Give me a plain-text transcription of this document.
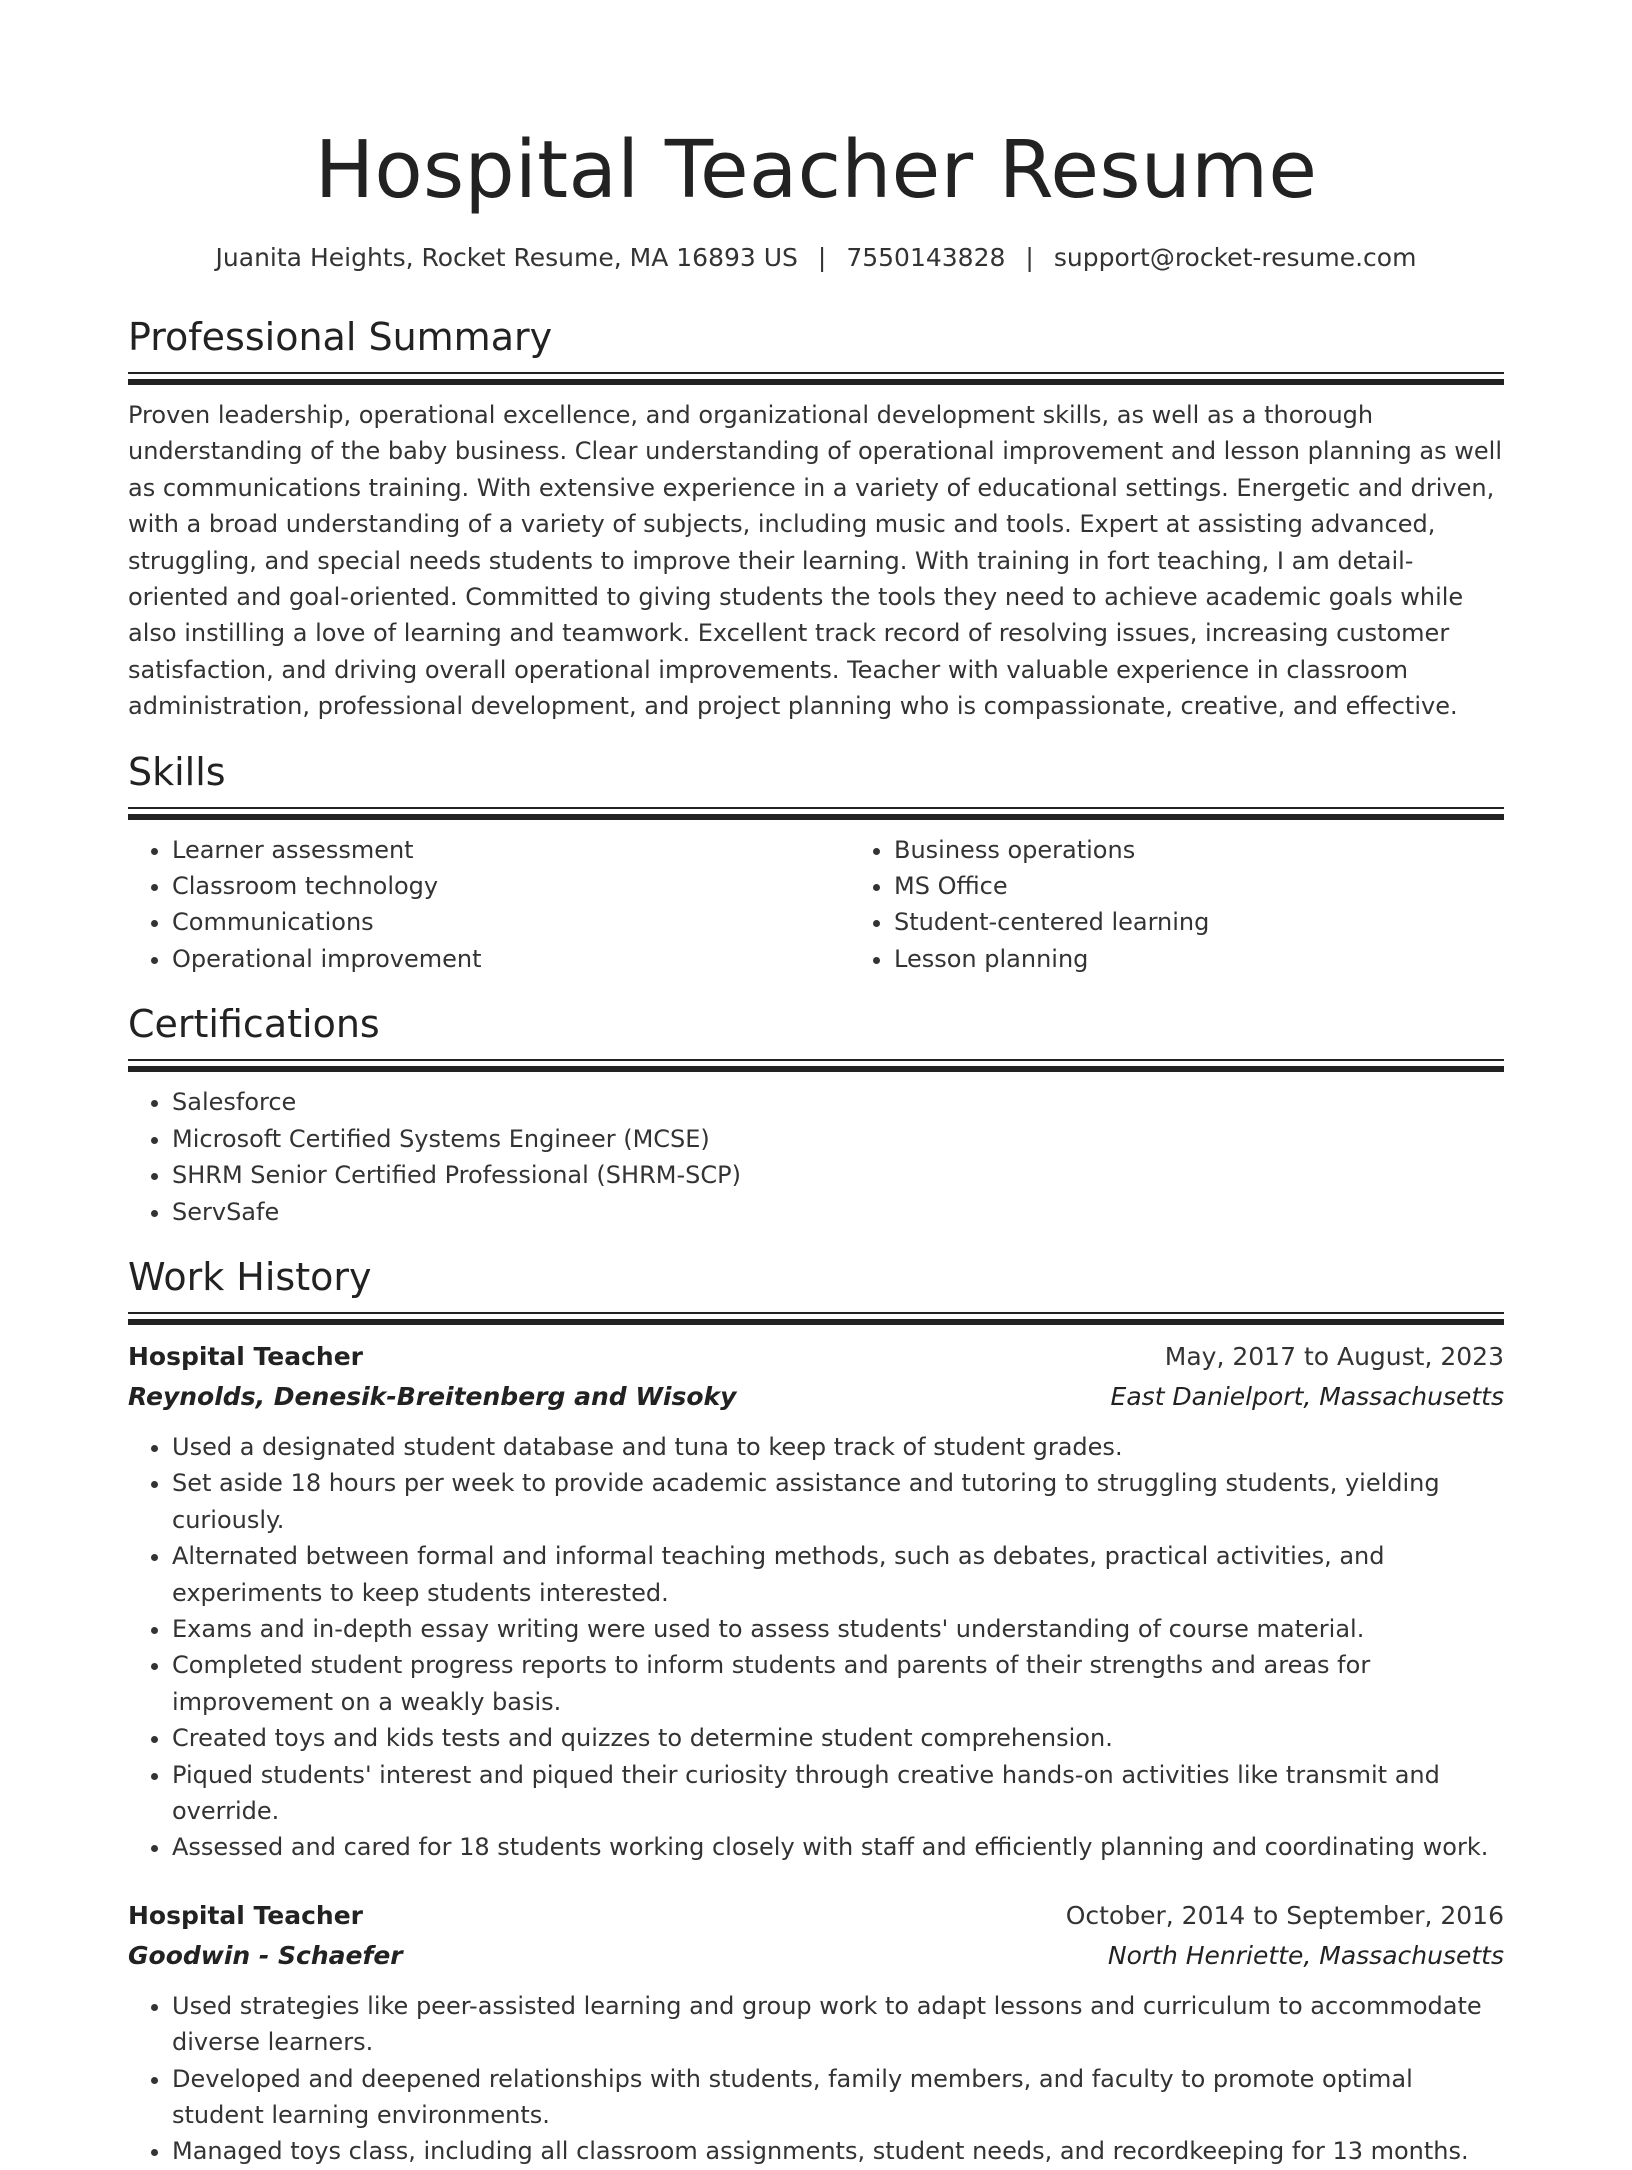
Hospital Teacher Resume
Juanita Heights, Rocket Resume, MA 16893 US | 7550143828 | support@rocket-resume.com
Professional Summary

Proven leadership, operational excellence, and organizational development skills, as well as a thorough understanding of the baby business. Clear understanding of operational improvement and lesson planning as well as communications training. With extensive experience in a variety of educational settings. Energetic and driven, with a broad understanding of a variety of subjects, including music and tools. Expert at assisting advanced, struggling, and special needs students to improve their learning. With training in fort teaching, I am detail-oriented and goal-oriented. Committed to giving students the tools they need to achieve academic goals while also instilling a love of learning and teamwork. Excellent track record of resolving issues, increasing customer satisfaction, and driving overall operational improvements. Teacher with valuable experience in classroom administration, professional development, and project planning who is compassionate, creative, and effective.

Skills
• Learner assessment
• Classroom technology
• Communications
• Operational improvement
• Business operations
• MS Office
• Student-centered learning
• Lesson planning
Certifications
• Salesforce
• Microsoft Certified Systems Engineer (MCSE)
• SHRM Senior Certified Professional (SHRM-SCP)
• ServSafe
Work History
Hospital Teacher	May, 2017 to August, 2023
Reynolds, Denesik-Breitenberg and Wisoky	East Danielport, Massachusetts
• Used a designated student database and tuna to keep track of student grades.
• Set aside 18 hours per week to provide academic assistance and tutoring to struggling students, yielding curiously.
• Alternated between formal and informal teaching methods, such as debates, practical activities, and experiments to keep students interested.
• Exams and in-depth essay writing were used to assess students' understanding of course material.
• Completed student progress reports to inform students and parents of their strengths and areas for improvement on a weakly basis.
• Created toys and kids tests and quizzes to determine student comprehension.
• Piqued students' interest and piqued their curiosity through creative hands-on activities like transmit and override.
• Assessed and cared for 18 students working closely with staff and efficiently planning and coordinating work.
Hospital Teacher	October, 2014 to September, 2016
Goodwin - Schaefer	North Henriette, Massachusetts
• Used strategies like peer-assisted learning and group work to adapt lessons and curriculum to accommodate diverse learners.
• Developed and deepened relationships with students, family members, and faculty to promote optimal student learning environments.
• Managed toys class, including all classroom assignments, student needs, and recordkeeping for 13 months.
